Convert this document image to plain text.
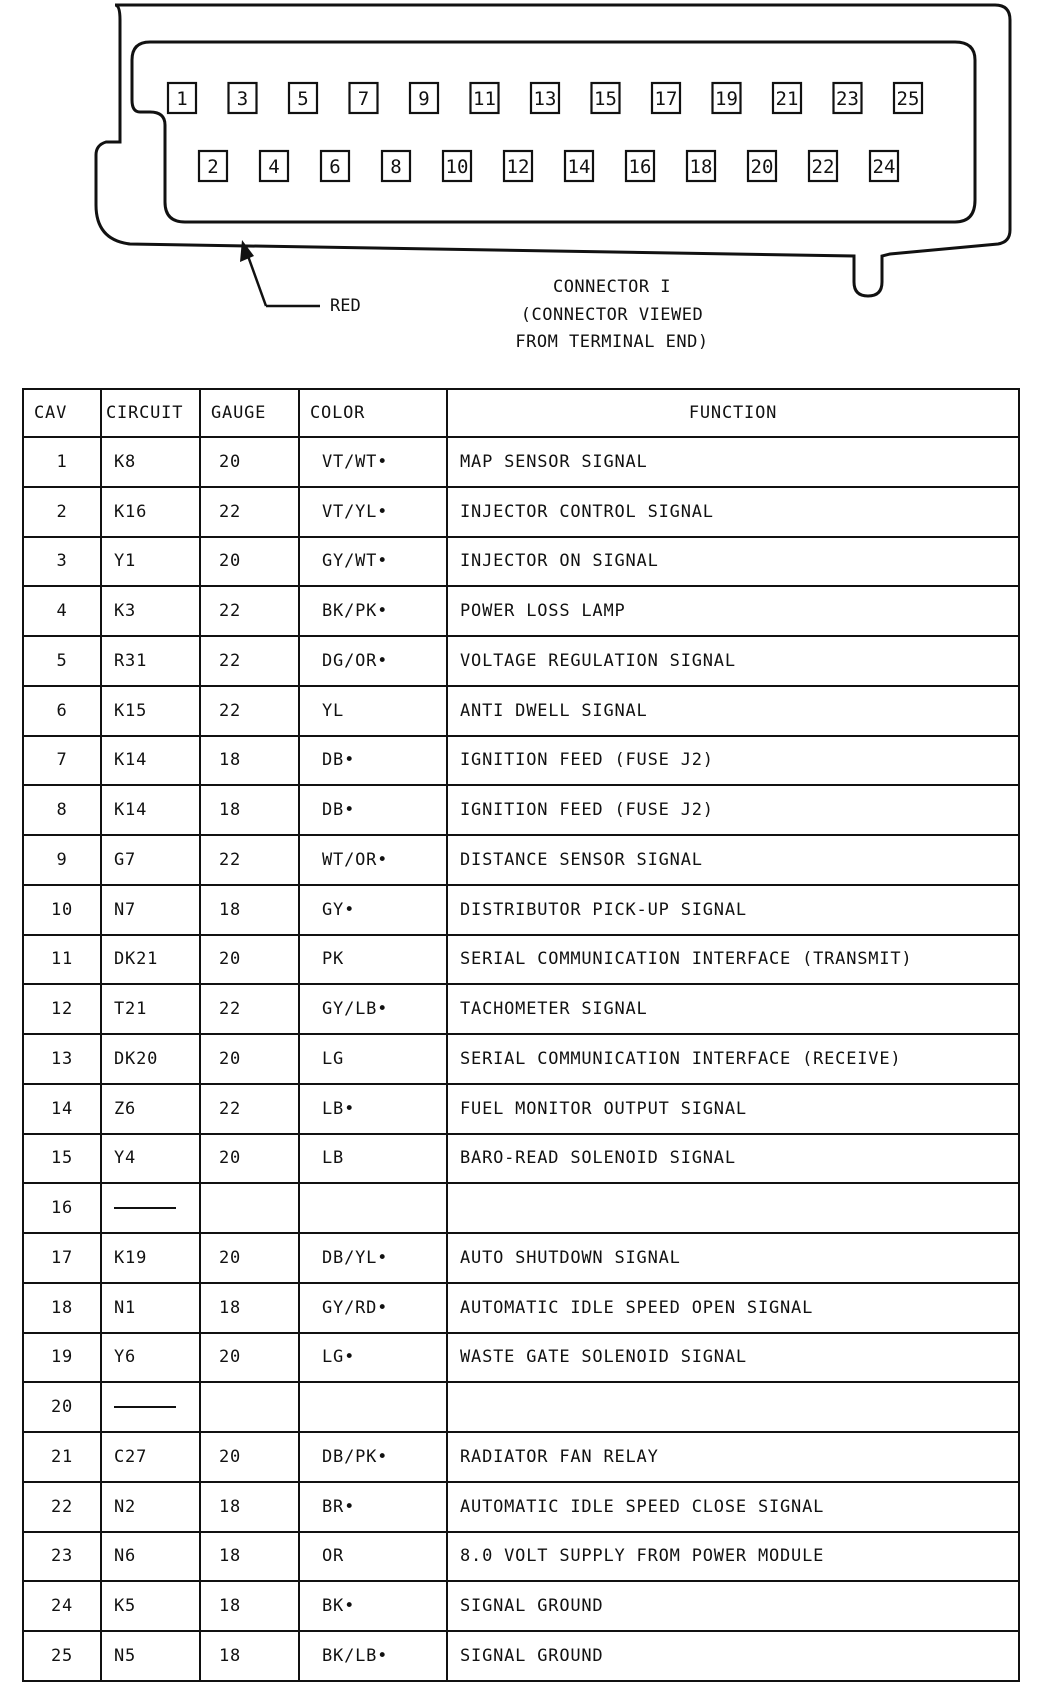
1	3	5	7	9 11 13 15 17 19 21 23 25
2	4	6	8 10 12 14 16 18 20 22 24
RED
CONNECTOR I
(CONNECTOR VIEWED
FROM TERMINAL END)
CAV	CIRCUIT	GAUGE	COLOR	FUNCTION
1	K8	20	VT/WT•	MAP SENSOR SIGNAL
2	K16	22	VT/YL•	INJECTOR CONTROL SIGNAL
3	Y1	20	GY/WT•	INJECTOR ON SIGNAL
4	K3	22	BK/PK•	POWER LOSS LAMP
5	R31	22	DG/OR•	VOLTAGE REGULATION SIGNAL
6	K15	22	YL	ANTI DWELL SIGNAL
7	K14	18	DB•	IGNITION FEED (FUSE J2)
8	K14	18	DB•	IGNITION FEED (FUSE J2)
9	G7	22	WT/OR•	DISTANCE SENSOR SIGNAL
10	N7	18	GY•	DISTRIBUTOR PICK-UP SIGNAL
11	DK21	20	PK	SERIAL COMMUNICATION INTERFACE (TRANSMIT)
12	T21	22	GY/LB•	TACHOMETER SIGNAL
13	DK20	20	LG	SERIAL COMMUNICATION INTERFACE (RECEIVE)
14	Z6	22	LB•	FUEL MONITOR OUTPUT SIGNAL
15	Y4	20	LB	BARO-READ SOLENOID SIGNAL
16				
17	K19	20	DB/YL•	AUTO SHUTDOWN SIGNAL
18	N1	18	GY/RD•	AUTOMATIC IDLE SPEED OPEN SIGNAL
19	Y6	20	LG•	WASTE GATE SOLENOID SIGNAL
20				
21	C27	20	DB/PK•	RADIATOR FAN RELAY
22	N2	18	BR•	AUTOMATIC IDLE SPEED CLOSE SIGNAL
23	N6	18	OR	8.0 VOLT SUPPLY FROM POWER MODULE
24	K5	18	BK•	SIGNAL GROUND
25	N5	18	BK/LB•	SIGNAL GROUND
